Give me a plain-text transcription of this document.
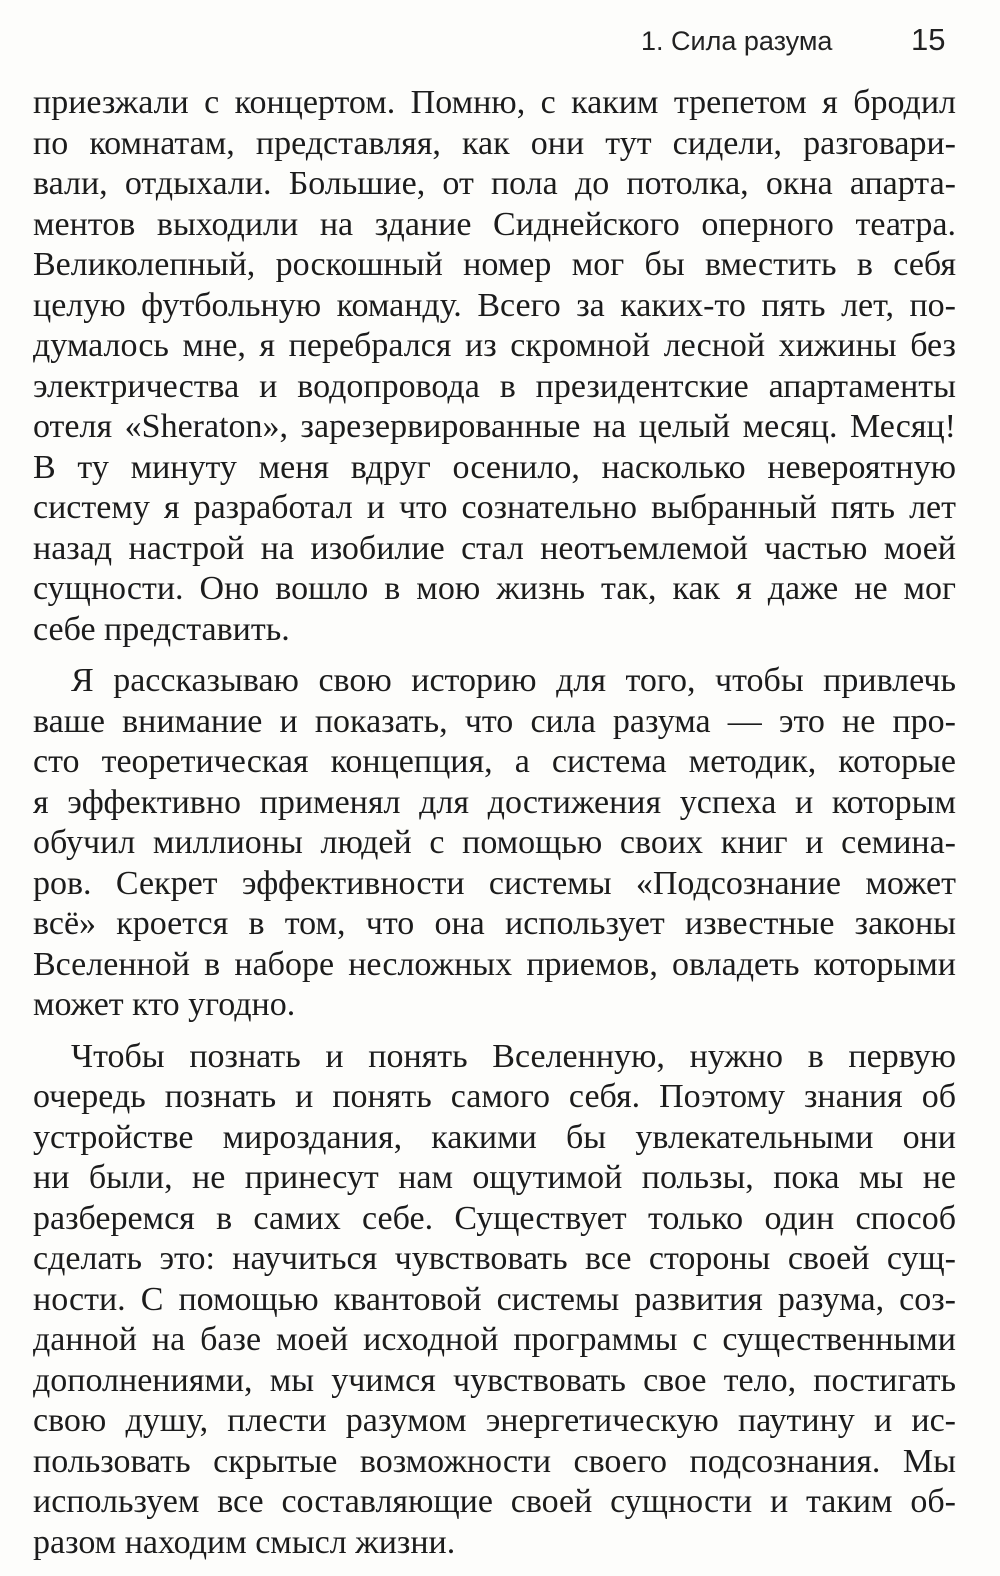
1. Сила разума	15
приезжали с концертом. Помню, с каким трепетом я бродил
по комнатам, представляя, как они тут сидели, разговари-
вали, отдыхали. Большие, от пола до потолка, окна апарта-
ментов выходили на здание Сиднейского оперного театра.
Великолепный, роскошный номер мог бы вместить в себя
целую футбольную команду. Всего за каких-то пять лет, по-
думалось мне, я перебрался из скромной лесной хижины без
электричества и водопровода в президентские апартаменты
отеля «Sheraton», зарезервированные на целый месяц. Месяц!
В ту минуту меня вдруг осенило, насколько невероятную
систему я разработал и что сознательно выбранный пять лет
назад настрой на изобилие стал неотъемлемой частью моей
сущности. Оно вошло в мою жизнь так, как я даже не мог
себе представить.
Я рассказываю свою историю для того, чтобы привлечь
ваше внимание и показать, что сила разума — это не про-
сто теоретическая концепция, а система методик, которые
я эффективно применял для достижения успеха и которым
обучил миллионы людей с помощью своих книг и семина-
ров. Секрет эффективности системы «Подсознание может
всё» кроется в том, что она использует известные законы
Вселенной в наборе несложных приемов, овладеть которыми
может кто угодно.
Чтобы познать и понять Вселенную, нужно в первую
очередь познать и понять самого себя. Поэтому знания об
устройстве мироздания, какими бы увлекательными они
ни были, не принесут нам ощутимой пользы, пока мы не
разберемся в самих себе. Существует только один способ
сделать это: научиться чувствовать все стороны своей сущ-
ности. С помощью квантовой системы развития разума, соз-
данной на базе моей исходной программы с существенными
дополнениями, мы учимся чувствовать свое тело, постигать
свою душу, плести разумом энергетическую паутину и ис-
пользовать скрытые возможности своего подсознания. Мы
используем все составляющие своей сущности и таким об-
разом находим смысл жизни.
